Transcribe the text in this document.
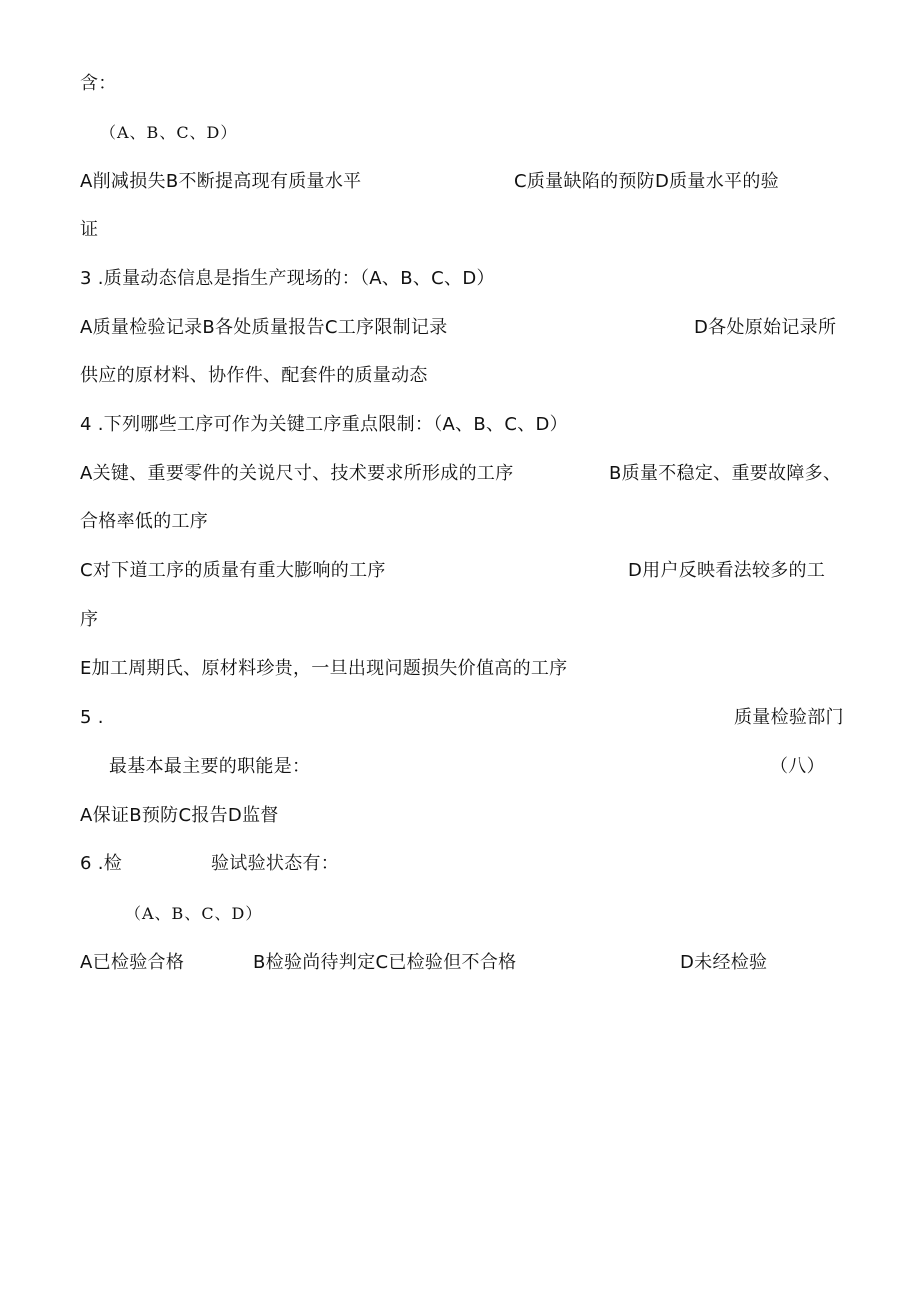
含：
（A、B、C、D）
A削减损失B不断提高现有质量水平	C质量缺陷的预防D质量水平的验
证
3 .质量动态信息是指生产现场的：（A、B、C、D）
A质量检验记录B各处质量报告C工序限制记录	D各处原始记录所
供应的原材料、协作件、配套件的质量动态
4 .下列哪些工序可作为关键工序重点限制：（A、B、C、D）
A关键、重要零件的关说尺寸、技术要求所形成的工序	B质量不稳定、重要故障多、
合格率低的工序
C对下道工序的质量有重大膨响的工序	D用户反映看法较多的工
序
E加工周期氏、原材料珍贵，一旦出现问题损失价值高的工序
5 .	质量检验部门
最基本最主要的职能是：	（八）
A保证B预防C报告D监督
6 .检	验试验状态有：
（A、B、C、D）
A已检验合格	B检验尚待判定C已检验但不合格	D未经检验
